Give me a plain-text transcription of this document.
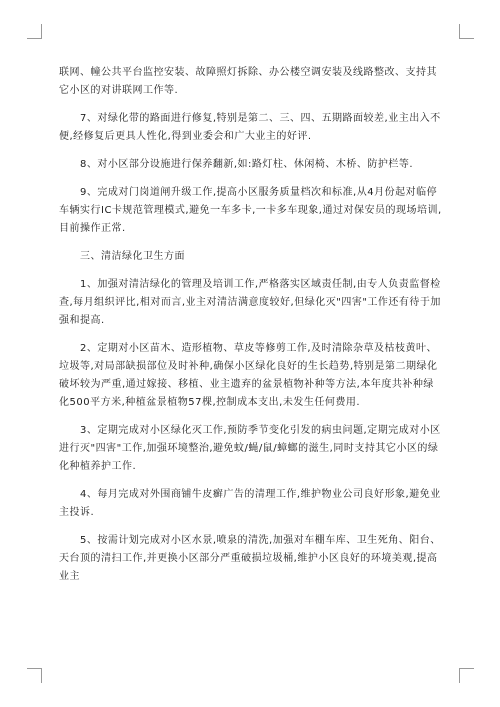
联网、幢公共平台监控安装、故障照灯拆除、办公楼空调安装及线路整改、支持其它小区的对讲联网工作等.

7、对绿化带的路面进行修复,特别是第二、三、四、五期路面较差,业主出入不便,经修复后更具人性化,得到业委会和广大业主的好评.

8、对小区部分设施进行保养翻新,如:路灯柱、休闲椅、木桥、防护栏等.

9、完成对门岗道闸升级工作,提高小区服务质量档次和标准,从4月份起对临停车辆实行IC卡规范管理模式,避免一车多卡,一卡多车现象,通过对保安员的现场培训,目前操作正常.

三、清洁绿化卫生方面

1、加强对清洁绿化的管理及培训工作,严格落实区域责任制,由专人负责监督检查,每月组织评比,相对而言,业主对清洁满意度较好,但绿化灭"四害"工作还有待于加强和提高.

2、定期对小区苗木、造形植物、草皮等修剪工作,及时清除杂草及枯枝黄叶、垃圾等,对局部缺损部位及时补种,确保小区绿化良好的生长趋势,特别是第二期绿化破坏较为严重,通过嫁接、移植、业主遗弃的盆景植物补种等方法,本年度共补种绿化500平方米,种植盆景植物57棵,控制成本支出,未发生任何费用.

3、定期完成对小区绿化灭工作,预防季节变化引发的病虫问题,定期完成对小区进行灭"四害"工作,加强环境整治,避免蚊/蝇/鼠/蟑螂的滋生,同时支持其它小区的绿化种植养护工作.

4、每月完成对外围商铺牛皮癣广告的清理工作,维护物业公司良好形象,避免业主投诉.

5、按需计划完成对小区水景,喷泉的清洗,加强对车棚车库、卫生死角、阳台、天台顶的清扫工作,并更换小区部分严重破损垃圾桶,维护小区良好的环境美观,提高业主
